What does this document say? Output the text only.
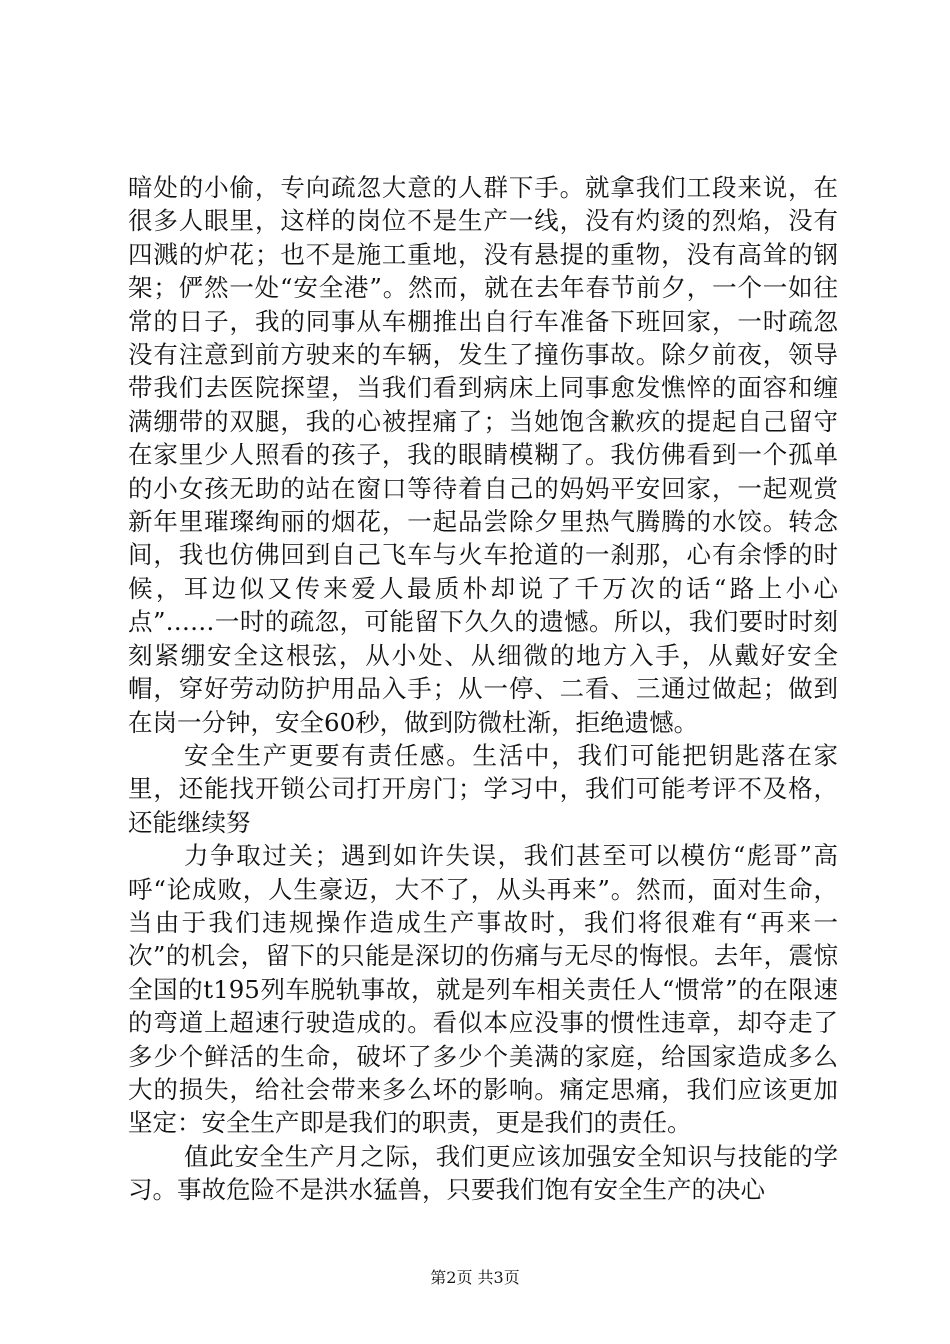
暗处的小偷，专向疏忽大意的人群下手。就拿我们工段来说，在很多人眼里，这样的岗位不是生产一线，没有灼烫的烈焰，没有四溅的炉花；也不是施工重地，没有悬提的重物，没有高耸的钢架；俨然一处“安全港”。然而，就在去年春节前夕，一个一如往常的日子，我的同事从车棚推出自行车准备下班回家，一时疏忽没有注意到前方驶来的车辆，发生了撞伤事故。除夕前夜，领导带我们去医院探望，当我们看到病床上同事愈发憔悴的面容和缠满绷带的双腿，我的心被捏痛了；当她饱含歉疚的提起自己留守在家里少人照看的孩子，我的眼睛模糊了。我仿佛看到一个孤单的小女孩无助的站在窗口等待着自己的妈妈平安回家，一起观赏新年里璀璨绚丽的烟花，一起品尝除夕里热气腾腾的水饺。转念间，我也仿佛回到自己飞车与火车抢道的一刹那，心有余悸的时候，耳边似又传来爱人最质朴却说了千万次的话“路上小心点”……一时的疏忽，可能留下久久的遗憾。所以，我们要时时刻刻紧绷安全这根弦，从小处、从细微的地方入手，从戴好安全帽，穿好劳动防护用品入手；从一停、二看、三通过做起；做到在岗一分钟，安全60秒，做到防微杜渐，拒绝遗憾。

安全生产更要有责任感。生活中，我们可能把钥匙落在家里，还能找开锁公司打开房门；学习中，我们可能考评不及格，还能继续努

力争取过关；遇到如许失误，我们甚至可以模仿“彪哥”高呼“论成败，人生豪迈，大不了，从头再来”。然而，面对生命，当由于我们违规操作造成生产事故时，我们将很难有“再来一次”的机会，留下的只能是深切的伤痛与无尽的悔恨。去年，震惊全国的t195列车脱轨事故，就是列车相关责任人“惯常”的在限速的弯道上超速行驶造成的。看似本应没事的惯性违章，却夺走了多少个鲜活的生命，破坏了多少个美满的家庭，给国家造成多么大的损失，给社会带来多么坏的影响。痛定思痛，我们应该更加坚定：安全生产即是我们的职责，更是我们的责任。

值此安全生产月之际，我们更应该加强安全知识与技能的学习。事故危险不是洪水猛兽，只要我们饱有安全生产的决心

第2页 共3页
